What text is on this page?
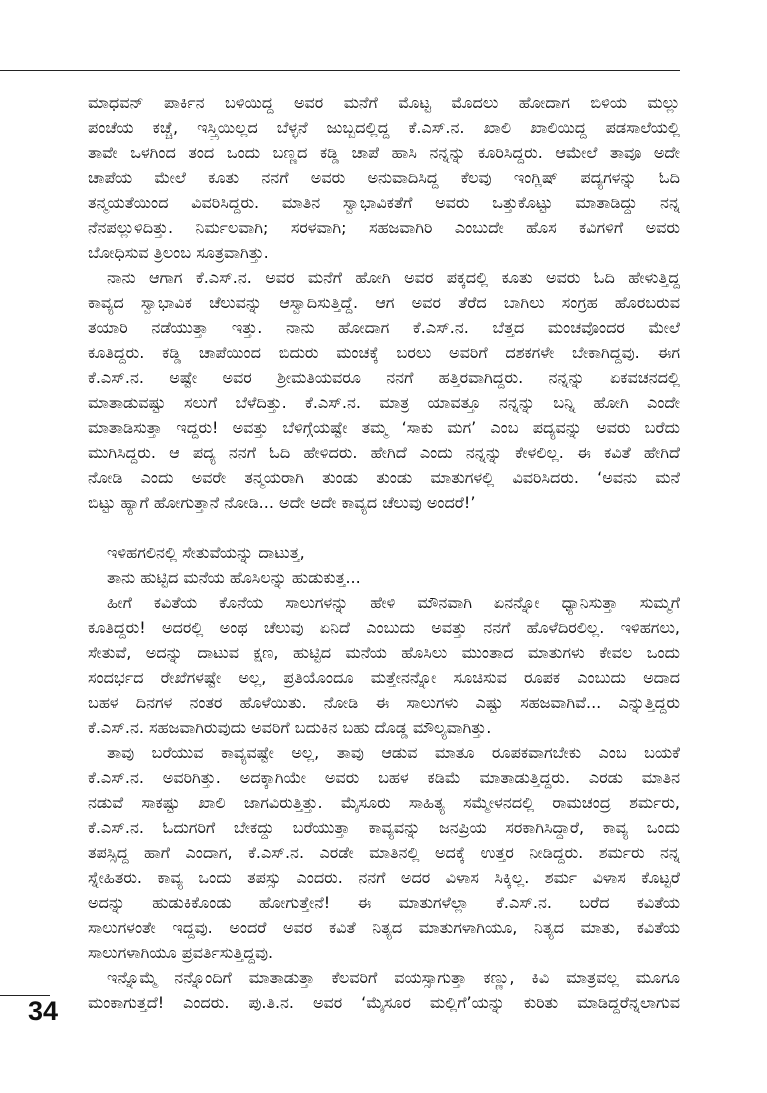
ಮಾಧವನ್ ಪಾರ್ಕಿನ ಬಳಿಯಿದ್ದ ಅವರ ಮನೆಗೆ ಮೊಟ್ಟ ಮೊದಲು ಹೋದಾಗ ಬಿಳಿಯ ಮಲ್ಲು
ಪಂಚೆಯ ಕಚ್ಚೆ, ಇಸ್ತ್ರಿಯಿಲ್ಲದ ಬೆಳ್ಳನೆ ಜುಬ್ಬದಲ್ಲಿದ್ದ ಕೆ.ಎಸ್.ನ. ಖಾಲಿ ಖಾಲಿಯಿದ್ದ ಪಡಸಾಲೆಯಲ್ಲಿ
ತಾವೇ ಒಳಗಿಂದ ತಂದ ಒಂದು ಬಣ್ಣದ ಕಡ್ಡಿ ಚಾಪೆ ಹಾಸಿ ನನ್ನನ್ನು ಕೂರಿಸಿದ್ದರು. ಆಮೇಲೆ ತಾವೂ ಅದೇ
ಚಾಪೆಯ ಮೇಲೆ ಕೂತು ನನಗೆ ಅವರು ಅನುವಾದಿಸಿದ್ದ ಕೆಲವು ಇಂಗ್ಲಿಷ್ ಪದ್ಯಗಳನ್ನು ಓದಿ
ತನ್ಮಯತೆಯಿಂದ ವಿವರಿಸಿದ್ದರು. ಮಾತಿನ ಸ್ವಾಭಾವಿಕತೆಗೆ ಅವರು ಒತ್ತುಕೊಟ್ಟು ಮಾತಾಡಿದ್ದು ನನ್ನ
ನೆನಪಲ್ಲುಳಿದಿತ್ತು. ನಿರ್ಮಲವಾಗಿ; ಸರಳವಾಗಿ; ಸಹಜವಾಗಿರಿ ಎಂಬುದೇ ಹೊಸ ಕವಿಗಳಿಗೆ ಅವರು
ಬೋಧಿಸುವ ತ್ರಿಲಂಬ ಸೂತ್ರವಾಗಿತ್ತು.
ನಾನು ಆಗಾಗ ಕೆ.ಎಸ್.ನ. ಅವರ ಮನೆಗೆ ಹೋಗಿ ಅವರ ಪಕ್ಕದಲ್ಲಿ ಕೂತು ಅವರು ಓದಿ ಹೇಳುತ್ತಿದ್ದ
ಕಾವ್ಯದ ಸ್ವಾಭಾವಿಕ ಚೆಲುವನ್ನು ಆಸ್ವಾದಿಸುತ್ತಿದ್ದೆ. ಆಗ ಅವರ ತೆರೆದ ಬಾಗಿಲು ಸಂಗ್ರಹ ಹೊರಬರುವ
ತಯಾರಿ ನಡೆಯುತ್ತಾ ಇತ್ತು. ನಾನು ಹೋದಾಗ ಕೆ.ಎಸ್.ನ. ಬೆತ್ತದ ಮಂಚವೊಂದರ ಮೇಲೆ
ಕೂತಿದ್ದರು. ಕಡ್ಡಿ ಚಾಪೆಯಿಂದ ಬಿದುರು ಮಂಚಕ್ಕೆ ಬರಲು ಅವರಿಗೆ ದಶಕಗಳೇ ಬೇಕಾಗಿದ್ದವು. ಈಗ
ಕೆ.ಎಸ್.ನ. ಅಷ್ಟೇ ಅವರ ಶ್ರೀಮತಿಯವರೂ ನನಗೆ ಹತ್ತಿರವಾಗಿದ್ದರು. ನನ್ನನ್ನು ಏಕವಚನದಲ್ಲಿ
ಮಾತಾಡುವಷ್ಟು ಸಲುಗೆ ಬೆಳೆದಿತ್ತು. ಕೆ.ಎಸ್.ನ. ಮಾತ್ರ ಯಾವತ್ತೂ ನನ್ನನ್ನು ಬನ್ನಿ ಹೋಗಿ ಎಂದೇ
ಮಾತಾಡಿಸುತ್ತಾ ಇದ್ದರು! ಅವತ್ತು ಬೆಳಿಗ್ಗೆಯಷ್ಟೇ ತಮ್ಮ ‘ಸಾಕು ಮಗ’ ಎಂಬ ಪದ್ಯವನ್ನು ಅವರು ಬರೆದು
ಮುಗಿಸಿದ್ದರು. ಆ ಪದ್ಯ ನನಗೆ ಓದಿ ಹೇಳಿದರು. ಹೇಗಿದೆ ಎಂದು ನನ್ನನ್ನು ಕೇಳಲಿಲ್ಲ. ಈ ಕವಿತೆ ಹೇಗಿದೆ
ನೋಡಿ ಎಂದು ಅವರೇ ತನ್ಮಯರಾಗಿ ತುಂಡು ತುಂಡು ಮಾತುಗಳಲ್ಲಿ ವಿವರಿಸಿದರು. ‘ಅವನು ಮನೆ
ಬಿಟ್ಟು ಹ್ಯಾಗೆ ಹೋಗುತ್ತಾನೆ ನೋಡಿ... ಅದೇ ಅದೇ ಕಾವ್ಯದ ಚೆಲುವು ಅಂದರೆ!’
ಇಳಿಹಗಲಿನಲ್ಲಿ ಸೇತುವೆಯನ್ನು ದಾಟುತ್ತ,
ತಾನು ಹುಟ್ಟಿದ ಮನೆಯ ಹೊಸಿಲನ್ನು ಹುಡುಕುತ್ತ...
ಹೀಗೆ ಕವಿತೆಯ ಕೊನೆಯ ಸಾಲುಗಳನ್ನು ಹೇಳಿ ಮೌನವಾಗಿ ಏನನ್ನೋ ಧ್ಯಾನಿಸುತ್ತಾ ಸುಮ್ಮಗೆ
ಕೂತಿದ್ದರು! ಅದರಲ್ಲಿ ಅಂಥ ಚೆಲುವು ಏನಿದೆ ಎಂಬುದು ಅವತ್ತು ನನಗೆ ಹೊಳೆದಿರಲಿಲ್ಲ. ಇಳಿಹಗಲು,
ಸೇತುವೆ, ಅದನ್ನು ದಾಟುವ ಕ್ಷಣ, ಹುಟ್ಟಿದ ಮನೆಯ ಹೊಸಿಲು ಮುಂತಾದ ಮಾತುಗಳು ಕೇವಲ ಒಂದು
ಸಂದರ್ಭದ ರೇಖೆಗಳಷ್ಟೇ ಅಲ್ಲ, ಪ್ರತಿಯೊಂದೂ ಮತ್ತೇನನ್ನೋ ಸೂಚಿಸುವ ರೂಪಕ ಎಂಬುದು ಅದಾದ
ಬಹಳ ದಿನಗಳ ನಂತರ ಹೊಳೆಯಿತು. ನೋಡಿ ಈ ಸಾಲುಗಳು ಎಷ್ಟು ಸಹಜವಾಗಿವೆ... ಎನ್ನುತ್ತಿದ್ದರು
ಕೆ.ಎಸ್.ನ. ಸಹಜವಾಗಿರುವುದು ಅವರಿಗೆ ಬದುಕಿನ ಬಹು ದೊಡ್ಡ ಮೌಲ್ಯವಾಗಿತ್ತು.
ತಾವು ಬರೆಯುವ ಕಾವ್ಯವಷ್ಟೇ ಅಲ್ಲ, ತಾವು ಆಡುವ ಮಾತೂ ರೂಪಕವಾಗಬೇಕು ಎಂಬ ಬಯಕೆ
ಕೆ.ಎಸ್.ನ. ಅವರಿಗಿತ್ತು. ಅದಕ್ಕಾಗಿಯೇ ಅವರು ಬಹಳ ಕಡಿಮೆ ಮಾತಾಡುತ್ತಿದ್ದರು. ಎರಡು ಮಾತಿನ
ನಡುವೆ ಸಾಕಷ್ಟು ಖಾಲಿ ಜಾಗವಿರುತ್ತಿತ್ತು. ಮೈಸೂರು ಸಾಹಿತ್ಯ ಸಮ್ಮೇಳನದಲ್ಲಿ ರಾಮಚಂದ್ರ ಶರ್ಮರು,
ಕೆ.ಎಸ್.ನ. ಓದುಗರಿಗೆ ಬೇಕದ್ದು ಬರೆಯುತ್ತಾ ಕಾವ್ಯವನ್ನು ಜನಪ್ರಿಯ ಸರಕಾಗಿಸಿದ್ದಾರೆ, ಕಾವ್ಯ ಒಂದು
ತಪಸ್ಸಿದ್ದ ಹಾಗೆ ಎಂದಾಗ, ಕೆ.ಎಸ್.ನ. ಎರಡೇ ಮಾತಿನಲ್ಲಿ ಅದಕ್ಕೆ ಉತ್ತರ ನೀಡಿದ್ದರು. ಶರ್ಮರು ನನ್ನ
ಸ್ನೇಹಿತರು. ಕಾವ್ಯ ಒಂದು ತಪಸ್ಸು ಎಂದರು. ನನಗೆ ಅದರ ವಿಳಾಸ ಸಿಕ್ಕಿಲ್ಲ. ಶರ್ಮ ವಿಳಾಸ ಕೊಟ್ಟರೆ
ಅದನ್ನು ಹುಡುಕಿಕೊಂಡು ಹೋಗುತ್ತೇನೆ! ಈ ಮಾತುಗಳೆಲ್ಲಾ ಕೆ.ಎಸ್.ನ. ಬರೆದ ಕವಿತೆಯ
ಸಾಲುಗಳಂತೇ ಇದ್ದವು. ಅಂದರೆ ಅವರ ಕವಿತೆ ನಿತ್ಯದ ಮಾತುಗಳಾಗಿಯೂ, ನಿತ್ಯದ ಮಾತು, ಕವಿತೆಯ
ಸಾಲುಗಳಾಗಿಯೂ ಪ್ರವರ್ತಿಸುತ್ತಿದ್ದವು.
ಇನ್ನೊಮ್ಮೆ ನನ್ನೊಂದಿಗೆ ಮಾತಾಡುತ್ತಾ ಕೆಲವರಿಗೆ ವಯಸ್ಸಾಗುತ್ತಾ ಕಣ್ಣು, ಕಿವಿ ಮಾತ್ರವಲ್ಲ ಮೂಗೂ
ಮಂಕಾಗುತ್ತದೆ! ಎಂದರು. ಪು.ತಿ.ನ. ಅವರ ‘ಮೈಸೂರ ಮಲ್ಲಿಗೆ’ಯನ್ನು ಕುರಿತು ಮಾಡಿದ್ದರೆನ್ನಲಾಗುವ
34
